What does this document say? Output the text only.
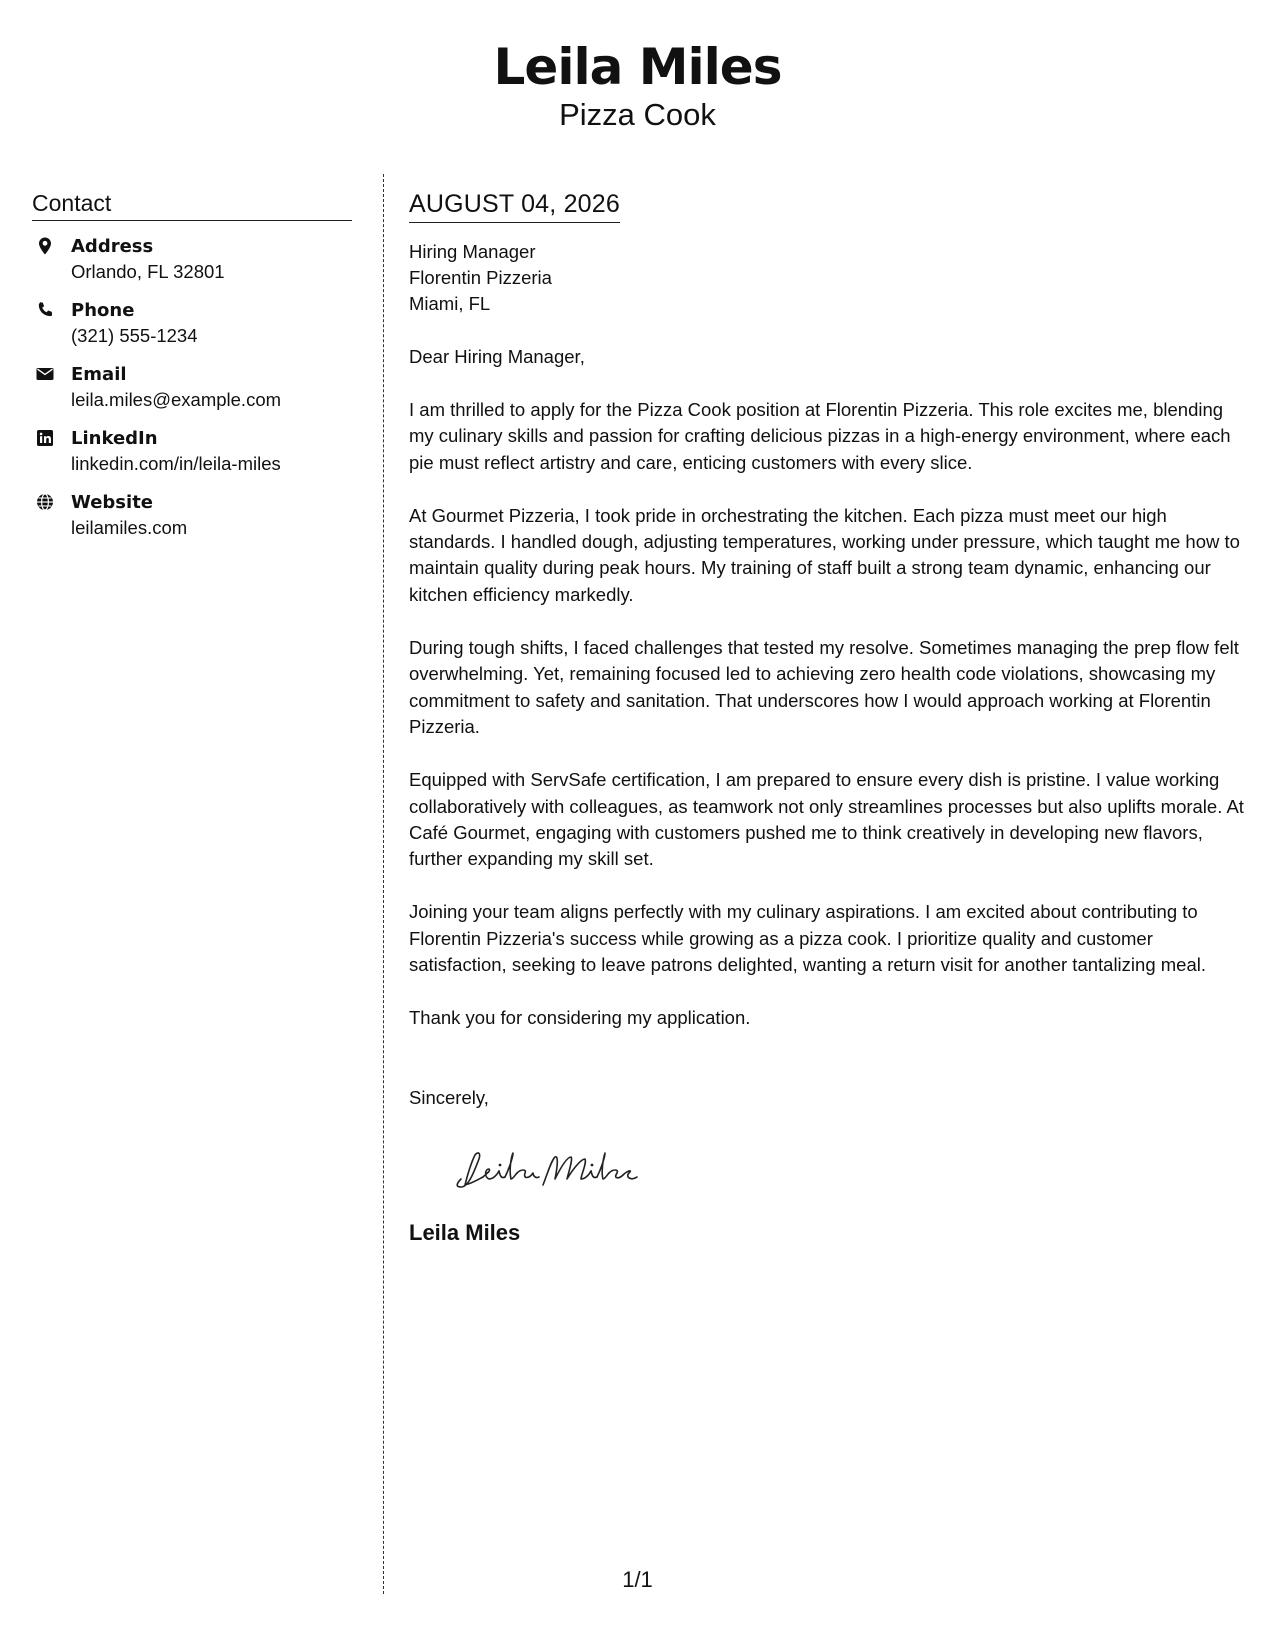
Leila Miles
Pizza Cook
Contact
Address
Orlando, FL 32801
Phone
(321) 555-1234
Email
leila.miles@example.com
LinkedIn
linkedin.com/in/leila-miles
Website
leilamiles.com
AUGUST 04, 2026
Hiring Manager
Florentin Pizzeria
Miami, FL
Dear Hiring Manager,
I am thrilled to apply for the Pizza Cook position at Florentin Pizzeria. This role excites me, blending my culinary skills and passion for crafting delicious pizzas in a high-energy environment, where each pie must reflect artistry and care, enticing customers with every slice.
At Gourmet Pizzeria, I took pride in orchestrating the kitchen. Each pizza must meet our high standards. I handled dough, adjusting temperatures, working under pressure, which taught me how to maintain quality during peak hours. My training of staff built a strong team dynamic, enhancing our kitchen efficiency markedly.
During tough shifts, I faced challenges that tested my resolve. Sometimes managing the prep flow felt overwhelming. Yet, remaining focused led to achieving zero health code violations, showcasing my commitment to safety and sanitation. That underscores how I would approach working at Florentin Pizzeria.
Equipped with ServSafe certification, I am prepared to ensure every dish is pristine. I value working collaboratively with colleagues, as teamwork not only streamlines processes but also uplifts morale. At Café Gourmet, engaging with customers pushed me to think creatively in developing new flavors, further expanding my skill set.
Joining your team aligns perfectly with my culinary aspirations. I am excited about contributing to Florentin Pizzeria's success while growing as a pizza cook. I prioritize quality and customer satisfaction, seeking to leave patrons delighted, wanting a return visit for another tantalizing meal.
Thank you for considering my application.
Sincerely,
Leila Miles
1/1
